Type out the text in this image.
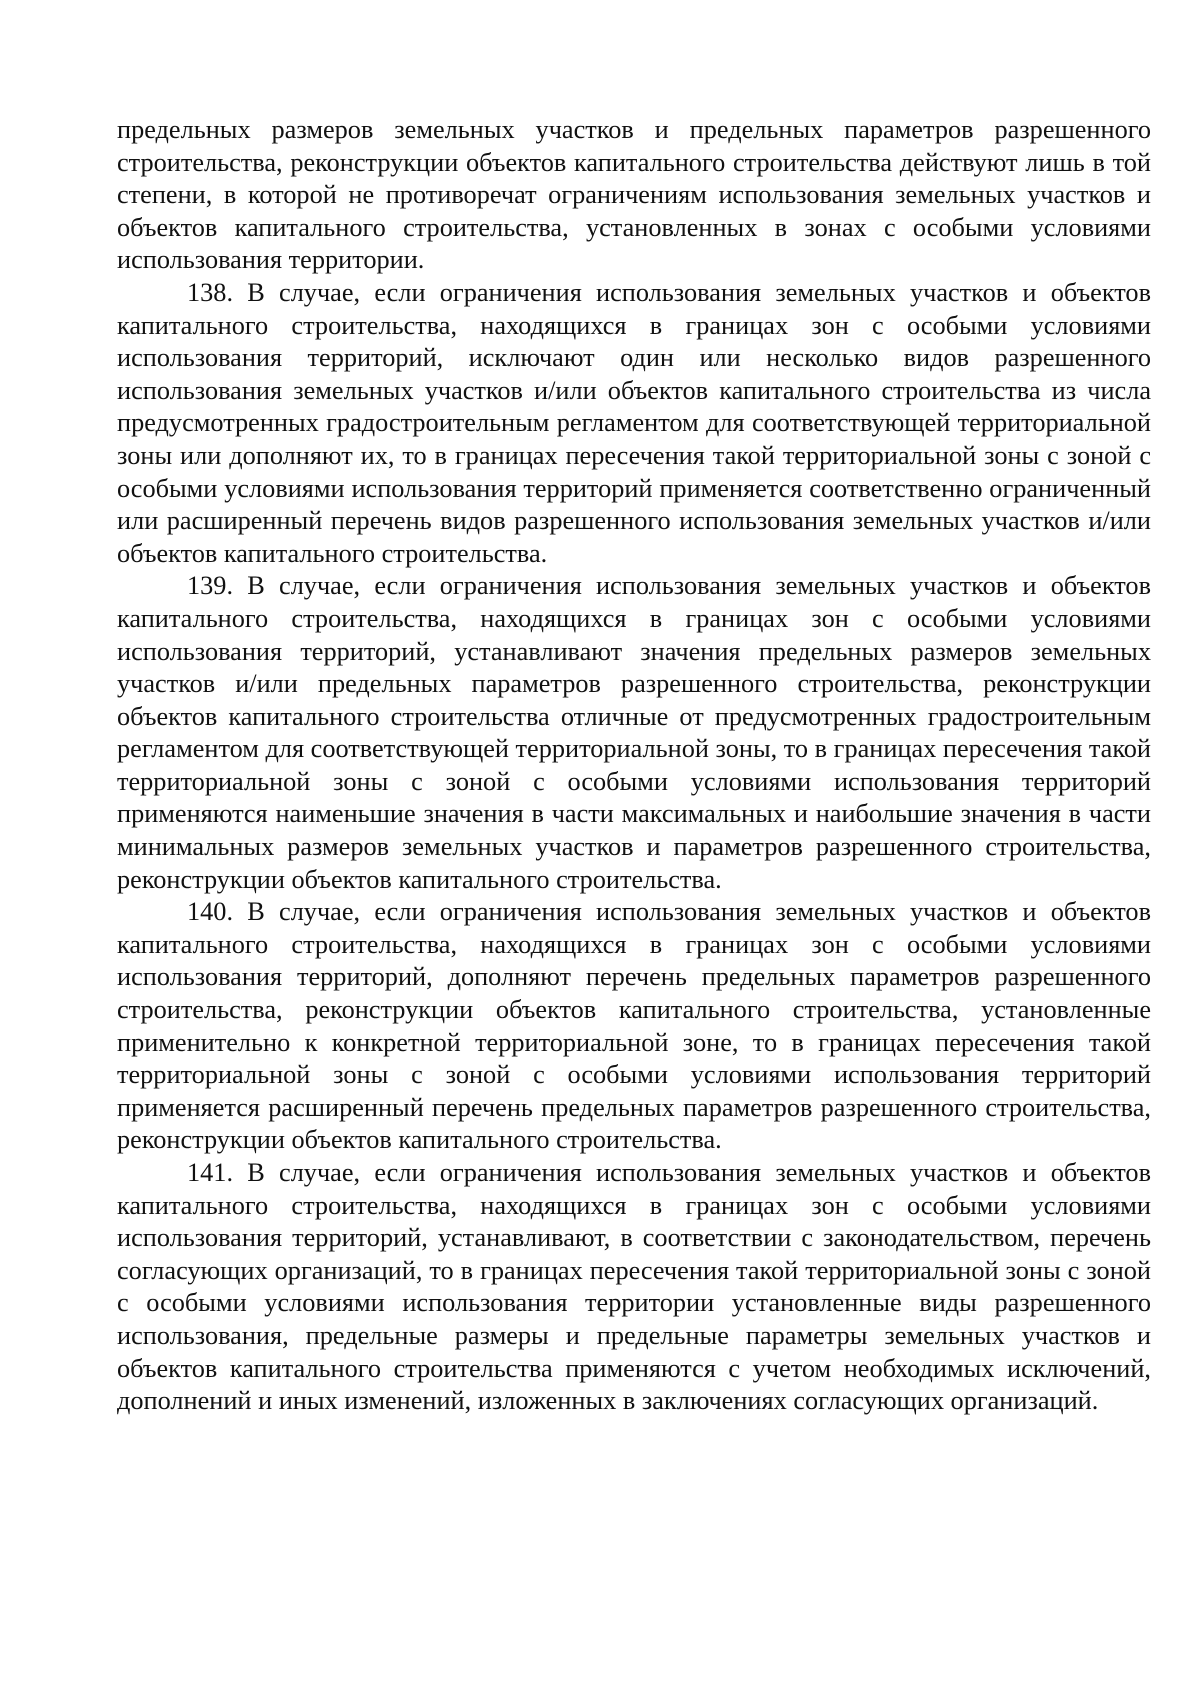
предельных размеров земельных участков и предельных параметров разрешенного строительства, реконструкции объектов капитального строительства действуют лишь в той степени, в которой не противоречат ограничениям использования земельных участков и объектов капитального строительства, установленных в зонах с особыми условиями использования территории.

138. В случае, если ограничения использования земельных участков и объектов капитального строительства, находящихся в границах зон с особыми условиями использования территорий, исключают один или несколько видов разрешенного использования земельных участков и/или объектов капитального строительства из числа предусмотренных градостроительным регламентом для соответствующей территориальной зоны или дополняют их, то в границах пересечения такой территориальной зоны с зоной с особыми условиями использования территорий применяется соответственно ограниченный или расширенный перечень видов разрешенного использования земельных участков и/или объектов капитального строительства.

139. В случае, если ограничения использования земельных участков и объектов капитального строительства, находящихся в границах зон с особыми условиями использования территорий, устанавливают значения предельных размеров земельных участков и/или предельных параметров разрешенного строительства, реконструкции объектов капитального строительства отличные от предусмотренных градостроительным регламентом для соответствующей территориальной зоны, то в границах пересечения такой территориальной зоны с зоной с особыми условиями использования территорий применяются наименьшие значения в части максимальных и наибольшие значения в части минимальных размеров земельных участков и параметров разрешенного строительства, реконструкции объектов капитального строительства.

140. В случае, если ограничения использования земельных участков и объектов капитального строительства, находящихся в границах зон с особыми условиями использования территорий, дополняют перечень предельных параметров разрешенного строительства, реконструкции объектов капитального строительства, установленные применительно к конкретной территориальной зоне, то в границах пересечения такой территориальной зоны с зоной с особыми условиями использования территорий применяется расширенный перечень предельных параметров разрешенного строительства, реконструкции объектов капитального строительства.

141. В случае, если ограничения использования земельных участков и объектов капитального строительства, находящихся в границах зон с особыми условиями использования территорий, устанавливают, в соответствии с законодательством, перечень согласующих организаций, то в границах пересечения такой территориальной зоны с зоной с особыми условиями использования территории установленные виды разрешенного использования, предельные размеры и предельные параметры земельных участков и объектов капитального строительства применяются с учетом необходимых исключений, дополнений и иных изменений, изложенных в заключениях согласующих организаций.
